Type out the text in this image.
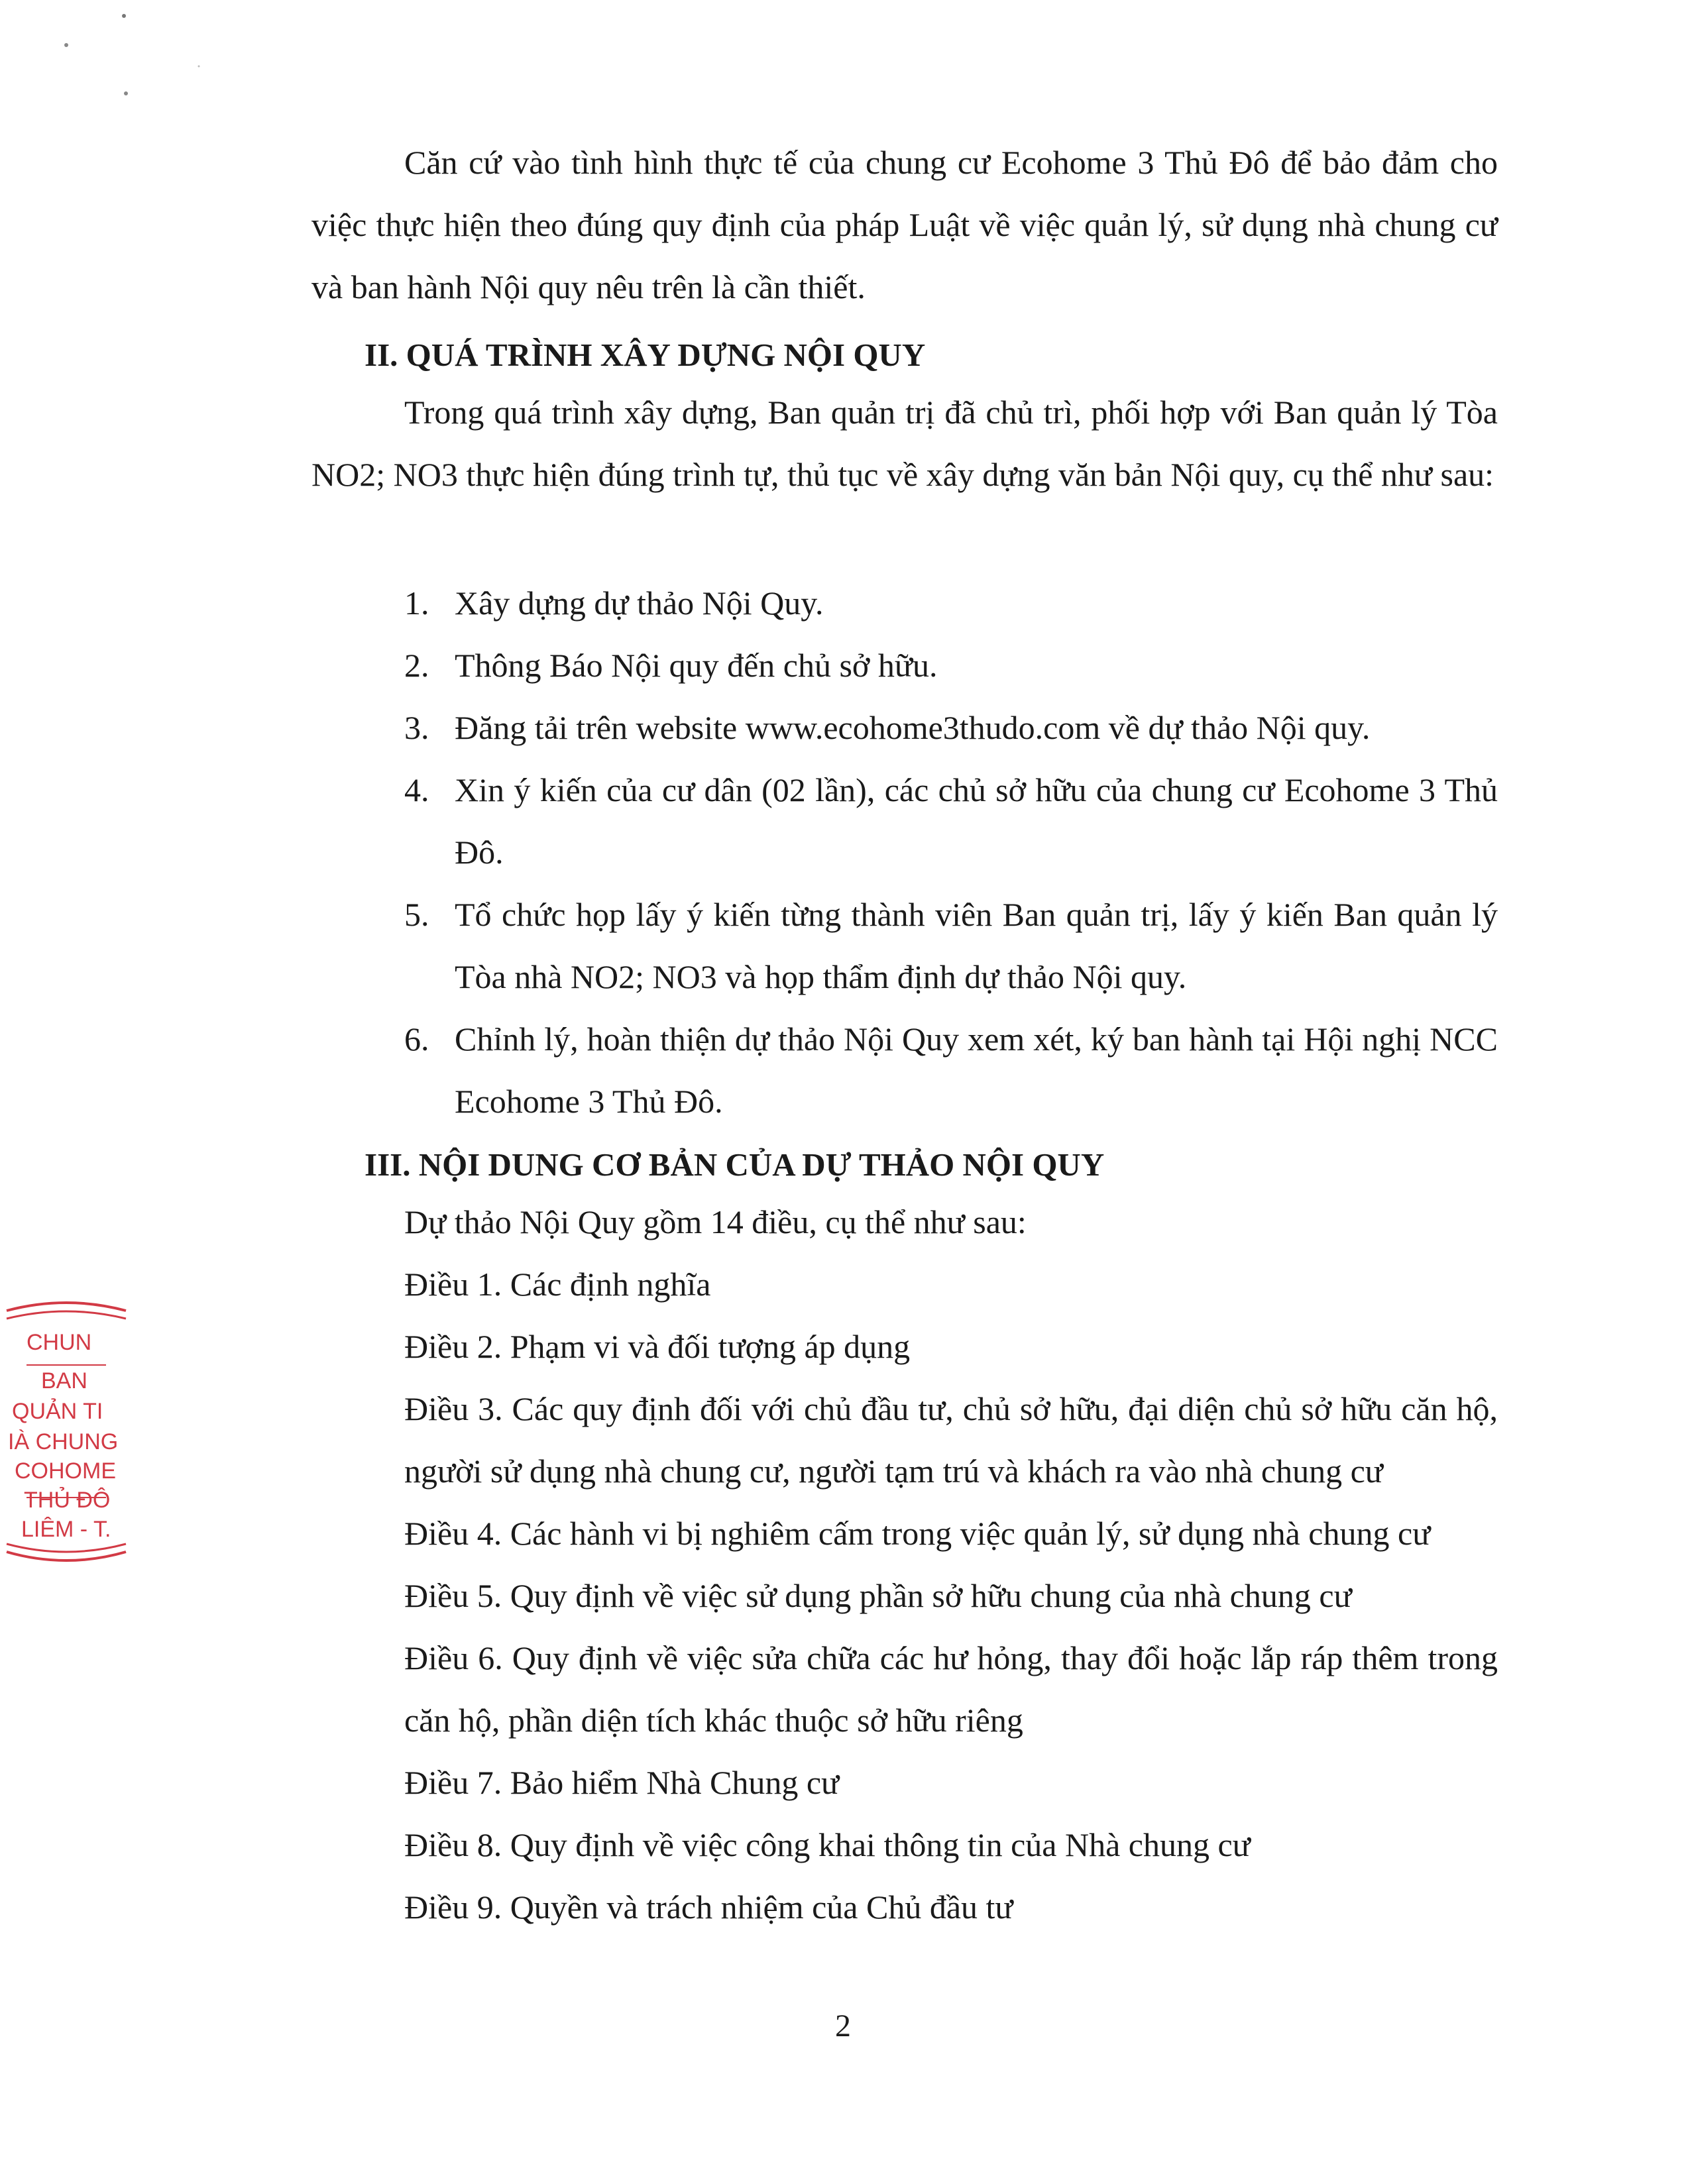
Căn cứ vào tình hình thực tế của chung cư Ecohome 3 Thủ Đô để bảo đảm cho việc thực hiện theo đúng quy định của pháp Luật về việc quản lý, sử dụng nhà chung cư và ban hành Nội quy nêu trên là cần thiết.
II. QUÁ TRÌNH XÂY DỰNG NỘI QUY
Trong quá trình xây dựng, Ban quản trị đã chủ trì, phối hợp với Ban quản lý Tòa NO2; NO3 thực hiện đúng trình tự, thủ tục về xây dựng văn bản Nội quy, cụ thể như sau:
1. Xây dựng dự thảo Nội Quy.
2. Thông Báo Nội quy đến chủ sở hữu.
3. Đăng tải trên website www.ecohome3thudo.com về dự thảo Nội quy.
4. Xin ý kiến của cư dân (02 lần), các chủ sở hữu của chung cư Ecohome 3 Thủ Đô.
5. Tổ chức họp lấy ý kiến từng thành viên Ban quản trị, lấy ý kiến Ban quản lý Tòa nhà NO2; NO3 và họp thẩm định dự thảo Nội quy.
6. Chỉnh lý, hoàn thiện dự thảo Nội Quy xem xét, ký ban hành tại Hội nghị NCC Ecohome 3 Thủ Đô.
III. NỘI DUNG CƠ BẢN CỦA DỰ THẢO NỘI QUY
Dự thảo Nội Quy gồm 14 điều, cụ thể như sau:
Điều 1. Các định nghĩa
Điều 2. Phạm vi và đối tượng áp dụng
Điều 3. Các quy định đối với chủ đầu tư, chủ sở hữu, đại diện chủ sở hữu căn hộ, người sử dụng nhà chung cư, người tạm trú và khách ra vào nhà chung cư
Điều 4. Các hành vi bị nghiêm cấm trong việc quản lý, sử dụng nhà chung cư
Điều 5. Quy định về việc sử dụng phần sở hữu chung của nhà chung cư
Điều 6. Quy định về việc sửa chữa các hư hỏng, thay đổi hoặc lắp ráp thêm trong căn hộ, phần diện tích khác thuộc sở hữu riêng
Điều 7. Bảo hiểm Nhà Chung cư
Điều 8. Quy định về việc công khai thông tin của Nhà chung cư
Điều 9. Quyền và trách nhiệm của Chủ đầu tư
2
CHUN
BAN
QUẢN TI
IÀ CHUNG
COHOME
THỦ ĐÔ
LIÊM - T.
